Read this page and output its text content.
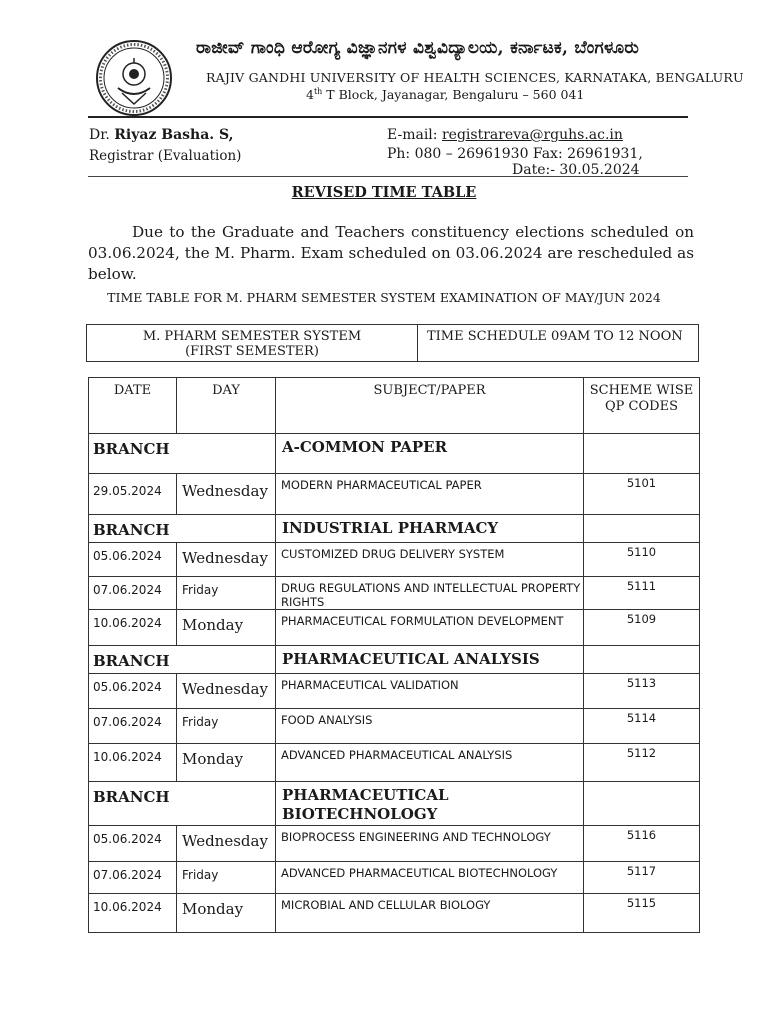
ರಾಜೀವ್ ಗಾಂಧಿ ಆರೋಗ್ಯ ವಿಜ್ಞಾನಗಳ ವಿಶ್ವವಿದ್ಯಾಲಯ, ಕರ್ನಾಟಕ, ಬೆಂಗಳೂರು
RAJIV GANDHI UNIVERSITY OF HEALTH SCIENCES, KARNATAKA, BENGALURU
4th T Block, Jayanagar, Bengaluru – 560 041
Dr. Riyaz Basha. S,
Registrar (Evaluation)
E-mail: registrareva@rguhs.ac.in
Ph: 080 – 26961930 Fax: 26961931,
Date:- 30.05.2024
REVISED TIME TABLE
Due to the Graduate and Teachers constituency elections scheduled on 03.06.2024, the M. Pharm. Exam scheduled on 03.06.2024 are rescheduled as below.
TIME TABLE FOR M. PHARM SEMESTER SYSTEM EXAMINATION OF MAY/JUN 2024
M. PHARM SEMESTER SYSTEM
(FIRST SEMESTER)
TIME SCHEDULE 09AM TO 12 NOON
DATE	DAY	SUBJECT/PAPER	SCHEME WISE QP CODES
BRANCH		A-COMMON PAPER	
29.05.2024	Wednesday	MODERN PHARMACEUTICAL PAPER	5101
BRANCH		INDUSTRIAL PHARMACY	
05.06.2024	Wednesday	CUSTOMIZED DRUG DELIVERY SYSTEM	5110
07.06.2024	Friday	DRUG REGULATIONS AND INTELLECTUAL PROPERTY RIGHTS	5111
10.06.2024	Monday	PHARMACEUTICAL FORMULATION DEVELOPMENT	5109
BRANCH		PHARMACEUTICAL ANALYSIS	
05.06.2024	Wednesday	PHARMACEUTICAL VALIDATION	5113
07.06.2024	Friday	FOOD ANALYSIS	5114
10.06.2024	Monday	ADVANCED PHARMACEUTICAL ANALYSIS	5112
BRANCH		PHARMACEUTICAL BIOTECHNOLOGY	
05.06.2024	Wednesday	BIOPROCESS ENGINEERING AND TECHNOLOGY	5116
07.06.2024	Friday	ADVANCED PHARMACEUTICAL BIOTECHNOLOGY	5117
10.06.2024	Monday	MICROBIAL AND CELLULAR BIOLOGY	5115
